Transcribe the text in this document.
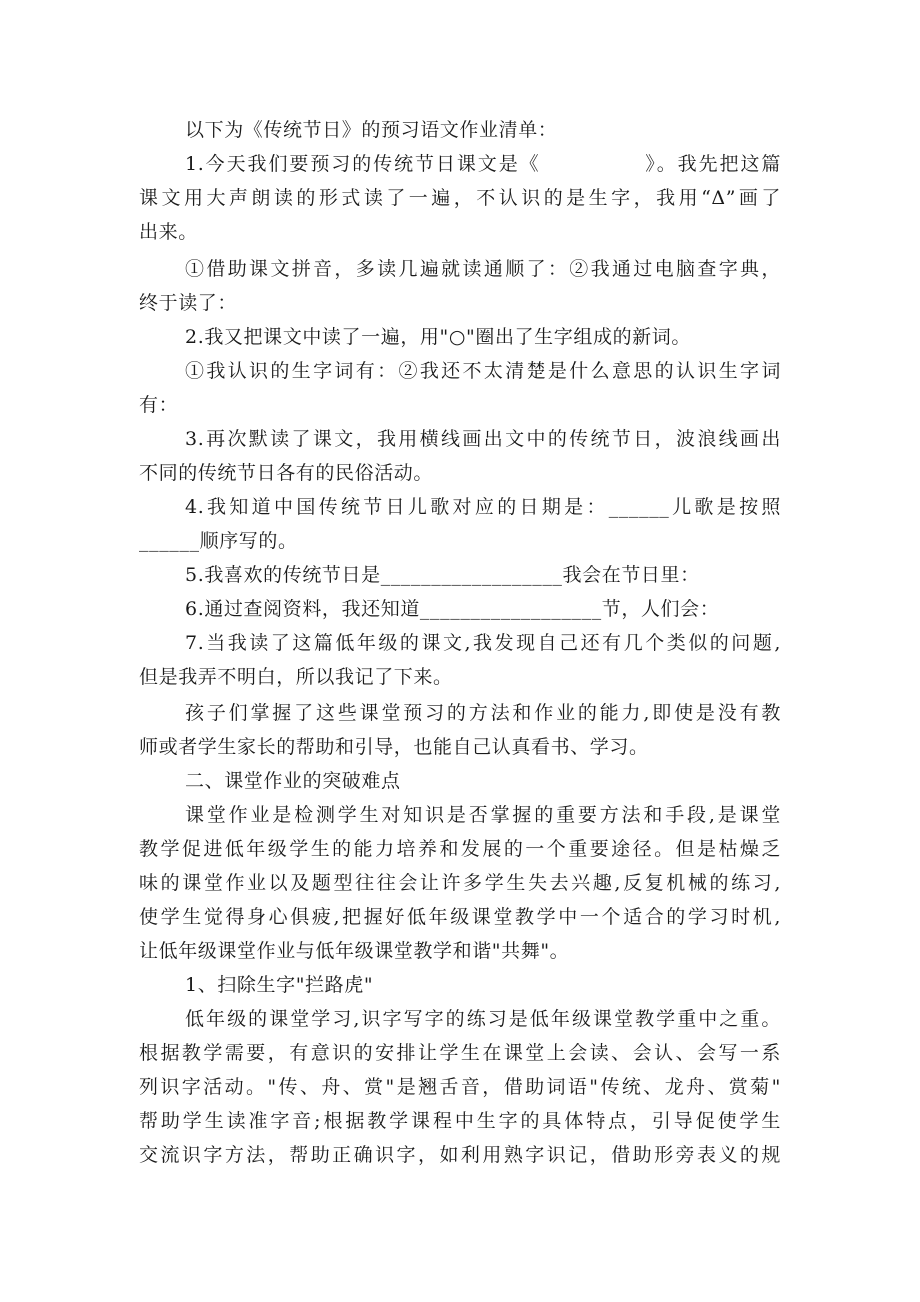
以下为《传统节日》的预习语文作业清单：
1.今天我们要预习的传统节日课文是《　　　　　》。我先把这篇
课文用大声朗读的形式读了一遍，不认识的是生字，我用“Δ”画了
出来。
①借助课文拼音，多读几遍就读通顺了：②我通过电脑查字典，
终于读了：
2.我又把课文中读了一遍，用"○"圈出了生字组成的新词。
①我认识的生字词有：②我还不太清楚是什么意思的认识生字词
有：
3.再次默读了课文，我用横线画出文中的传统节日，波浪线画出
不同的传统节日各有的民俗活动。
4.我知道中国传统节日儿歌对应的日期是：______儿歌是按照
______顺序写的。
5.我喜欢的传统节日是__________________我会在节日里：
6.通过查阅资料，我还知道__________________节，人们会：
7.当我读了这篇低年级的课文,我发现自己还有几个类似的问题,
但是我弄不明白，所以我记了下来。
孩子们掌握了这些课堂预习的方法和作业的能力,即使是没有教
师或者学生家长的帮助和引导，也能自己认真看书、学习。
二、课堂作业的突破难点
课堂作业是检测学生对知识是否掌握的重要方法和手段,是课堂
教学促进低年级学生的能力培养和发展的一个重要途径。但是枯燥乏
味的课堂作业以及题型往往会让许多学生失去兴趣,反复机械的练习,
使学生觉得身心俱疲,把握好低年级课堂教学中一个适合的学习时机,
让低年级课堂作业与低年级课堂教学和谐"共舞"。
1、扫除生字"拦路虎"
低年级的课堂学习,识字写字的练习是低年级课堂教学重中之重。
根据教学需要，有意识的安排让学生在课堂上会读、会认、会写一系
列识字活动。"传、舟、赏"是翘舌音，借助词语"传统、龙舟、赏菊"
帮助学生读准字音;根据教学课程中生字的具体特点，引导促使学生
交流识字方法，帮助正确识字，如利用熟字识记，借助形旁表义的规
